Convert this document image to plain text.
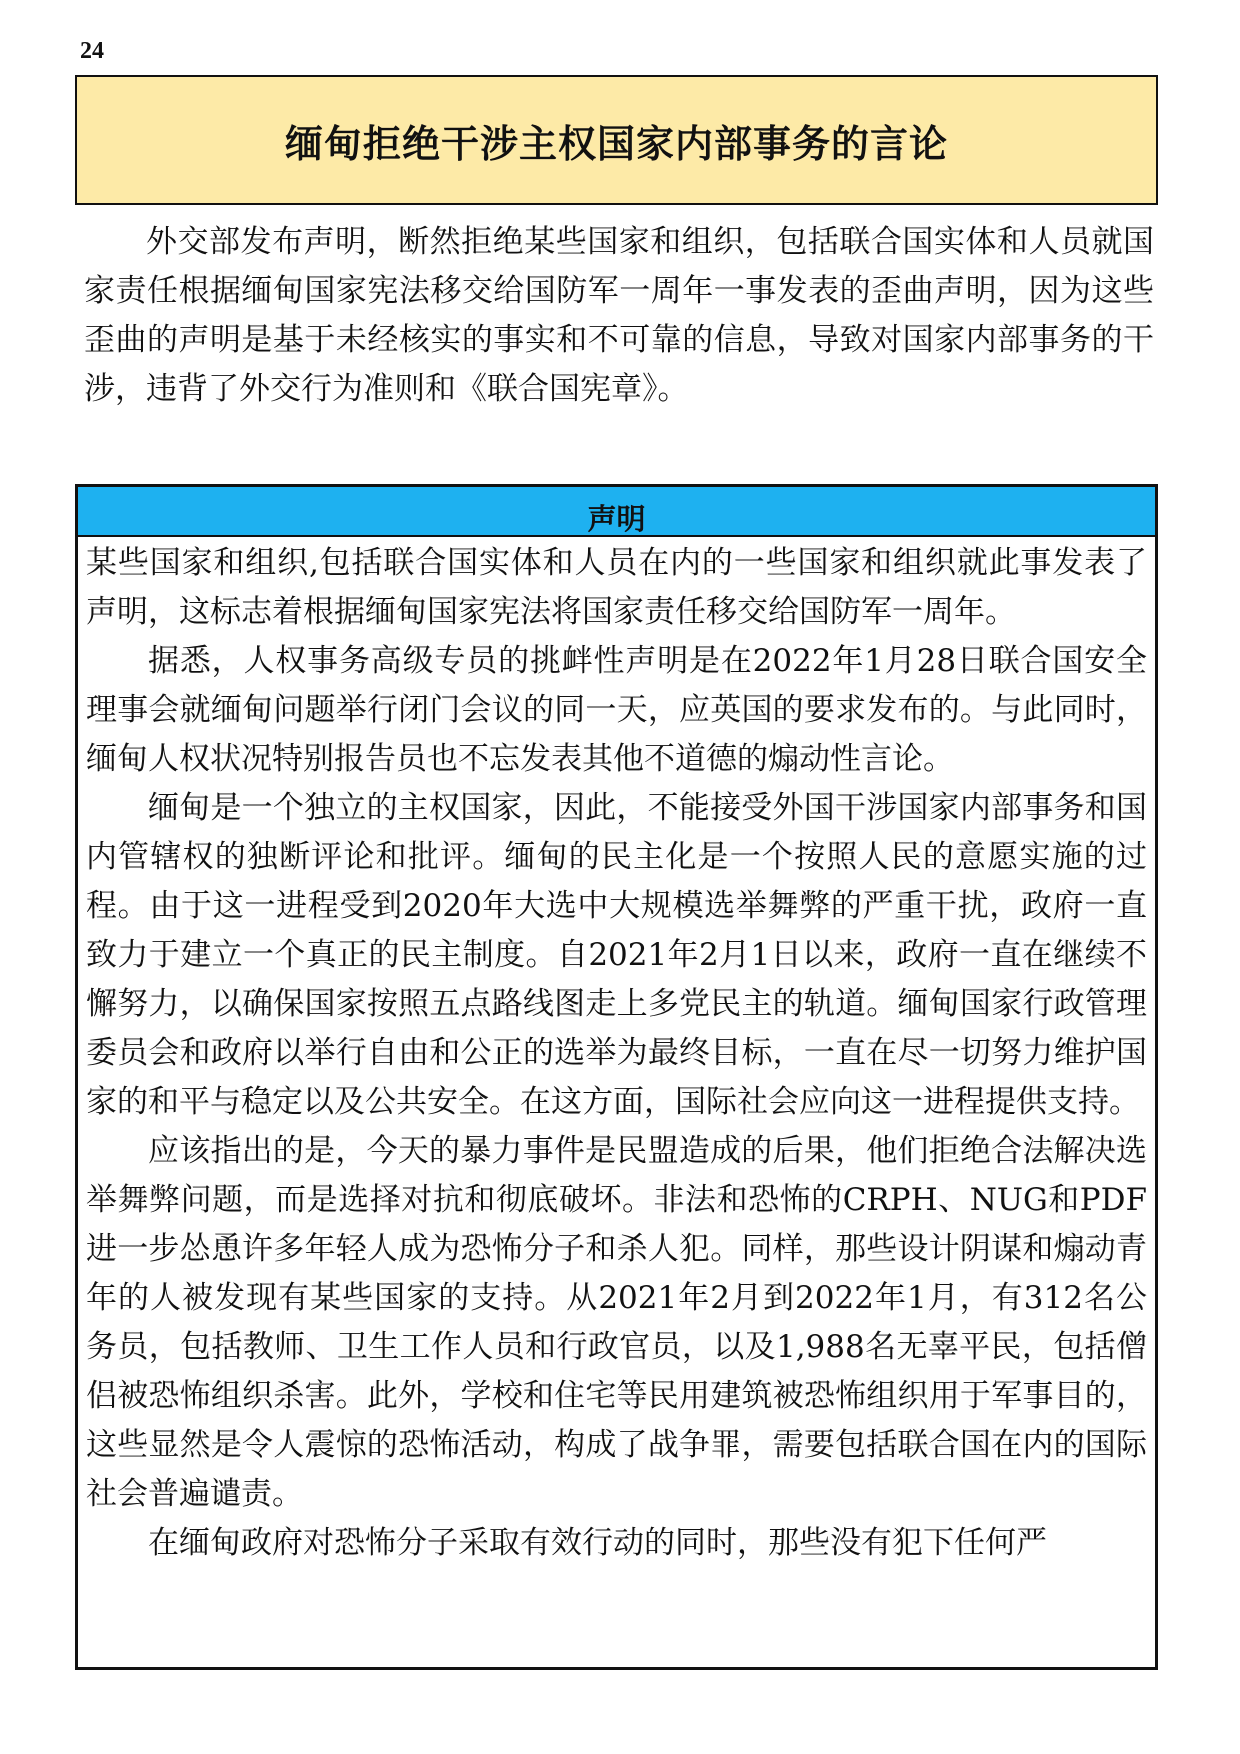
24
缅甸拒绝干涉主权国家内部事务的言论

外交部发布声明，断然拒绝某些国家和组织，包括联合国实体和人员就国家责任根据缅甸国家宪法移交给国防军一周年一事发表的歪曲声明，因为这些歪曲的声明是基于未经核实的事实和不可靠的信息，导致对国家内部事务的干涉，违背了外交行为准则和《联合国宪章》。

声明

某些国家和组织,包括联合国实体和人员在内的一些国家和组织就此事发表了声明，这标志着根据缅甸国家宪法将国家责任移交给国防军一周年。

据悉，人权事务高级专员的挑衅性声明是在2022年1月28日联合国安全理事会就缅甸问题举行闭门会议的同一天，应英国的要求发布的。与此同时，缅甸人权状况特别报告员也不忘发表其他不道德的煽动性言论。

缅甸是一个独立的主权国家，因此，不能接受外国干涉国家内部事务和国内管辖权的独断评论和批评。缅甸的民主化是一个按照人民的意愿实施的过程。由于这一进程受到2020年大选中大规模选举舞弊的严重干扰，政府一直致力于建立一个真正的民主制度。自2021年2月1日以来，政府一直在继续不懈努力，以确保国家按照五点路线图走上多党民主的轨道。缅甸国家行政管理委员会和政府以举行自由和公正的选举为最终目标，一直在尽一切努力维护国家的和平与稳定以及公共安全。在这方面，国际社会应向这一进程提供支持。

应该指出的是，今天的暴力事件是民盟造成的后果，他们拒绝合法解决选举舞弊问题，而是选择对抗和彻底破坏。非法和恐怖的CRPH、NUG和PDF进一步怂恿许多年轻人成为恐怖分子和杀人犯。同样，那些设计阴谋和煽动青年的人被发现有某些国家的支持。从2021年2月到2022年1月，有312名公务员，包括教师、卫生工作人员和行政官员，以及1,988名无辜平民，包括僧侣被恐怖组织杀害。此外，学校和住宅等民用建筑被恐怖组织用于军事目的，这些显然是令人震惊的恐怖活动，构成了战争罪，需要包括联合国在内的国际社会普遍谴责。

在缅甸政府对恐怖分子采取有效行动的同时，那些没有犯下任何严
